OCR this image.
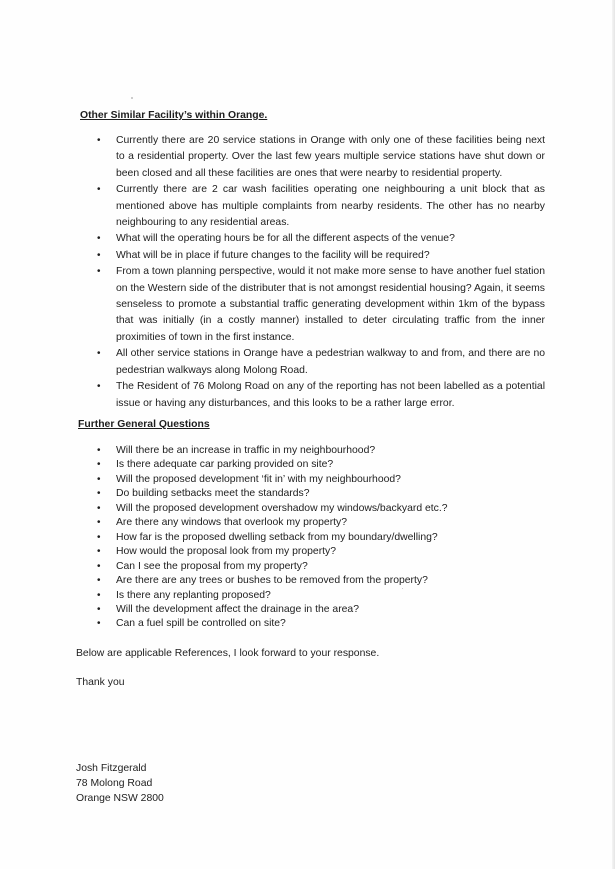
Other Similar Facility’s within Orange.
• Currently there are 20 service stations in Orange with only one of these facilities being next to a residential property. Over the last few years multiple service stations have shut down or been closed and all these facilities are ones that were nearby to residential property.
• Currently there are 2 car wash facilities operating one neighbouring a unit block that as mentioned above has multiple complaints from nearby residents. The other has no nearby neighbouring to any residential areas.
• What will the operating hours be for all the different aspects of the venue?
• What will be in place if future changes to the facility will be required?
• From a town planning perspective, would it not make more sense to have another fuel station on the Western side of the distributer that is not amongst residential housing? Again, it seems senseless to promote a substantial traffic generating development within 1km of the bypass that was initially (in a costly manner) installed to deter circulating traffic from the inner proximities of town in the first instance.
• All other service stations in Orange have a pedestrian walkway to and from, and there are no pedestrian walkways along Molong Road.
• The Resident of 76 Molong Road on any of the reporting has not been labelled as a potential issue or having any disturbances, and this looks to be a rather large error.
Further General Questions
• Will there be an increase in traffic in my neighbourhood?
• Is there adequate car parking provided on site?
• Will the proposed development ‘fit in’ with my neighbourhood?
• Do building setbacks meet the standards?
• Will the proposed development overshadow my windows/backyard etc.?
• Are there any windows that overlook my property?
• How far is the proposed dwelling setback from my boundary/dwelling?
• How would the proposal look from my property?
• Can I see the proposal from my property?
• Are there are any trees or bushes to be removed from the property?
• Is there any replanting proposed?
• Will the development affect the drainage in the area?
• Can a fuel spill be controlled on site?
Below are applicable References, I look forward to your response.
Thank you
Josh Fitzgerald
78 Molong Road
Orange NSW 2800
